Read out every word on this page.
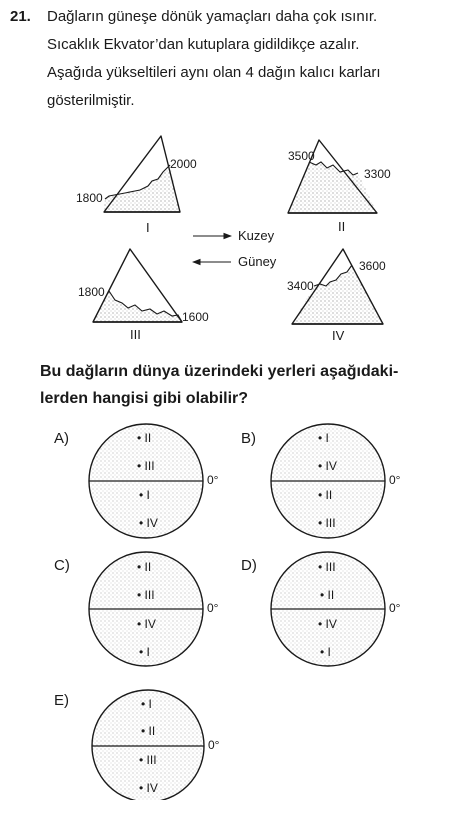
21. Dağların güneşe dönük yamaçları daha çok ısınır.
Sıcaklık Ekvator’dan kutuplara gidildikçe azalır.
Aşağıda yükseltileri aynı olan 4 dağın kalıcı karları
gösterilmiştir.
1800
2000
I
3500
3300
II
Kuzey
Güney
1800
1600
III
3400
3600
IV
Bu dağların dünya üzerindeki yerleri aşağıdaki-
lerden hangisi gibi olabilir?
A)
0°
• II
• III
• I
• IV
B)
0°
• I
• IV
• II
• III
C)
0°
• II
• III
• IV
• I
D)
0°
• III
• II
• IV
• I
E)
0°
• I
• II
• III
• IV
